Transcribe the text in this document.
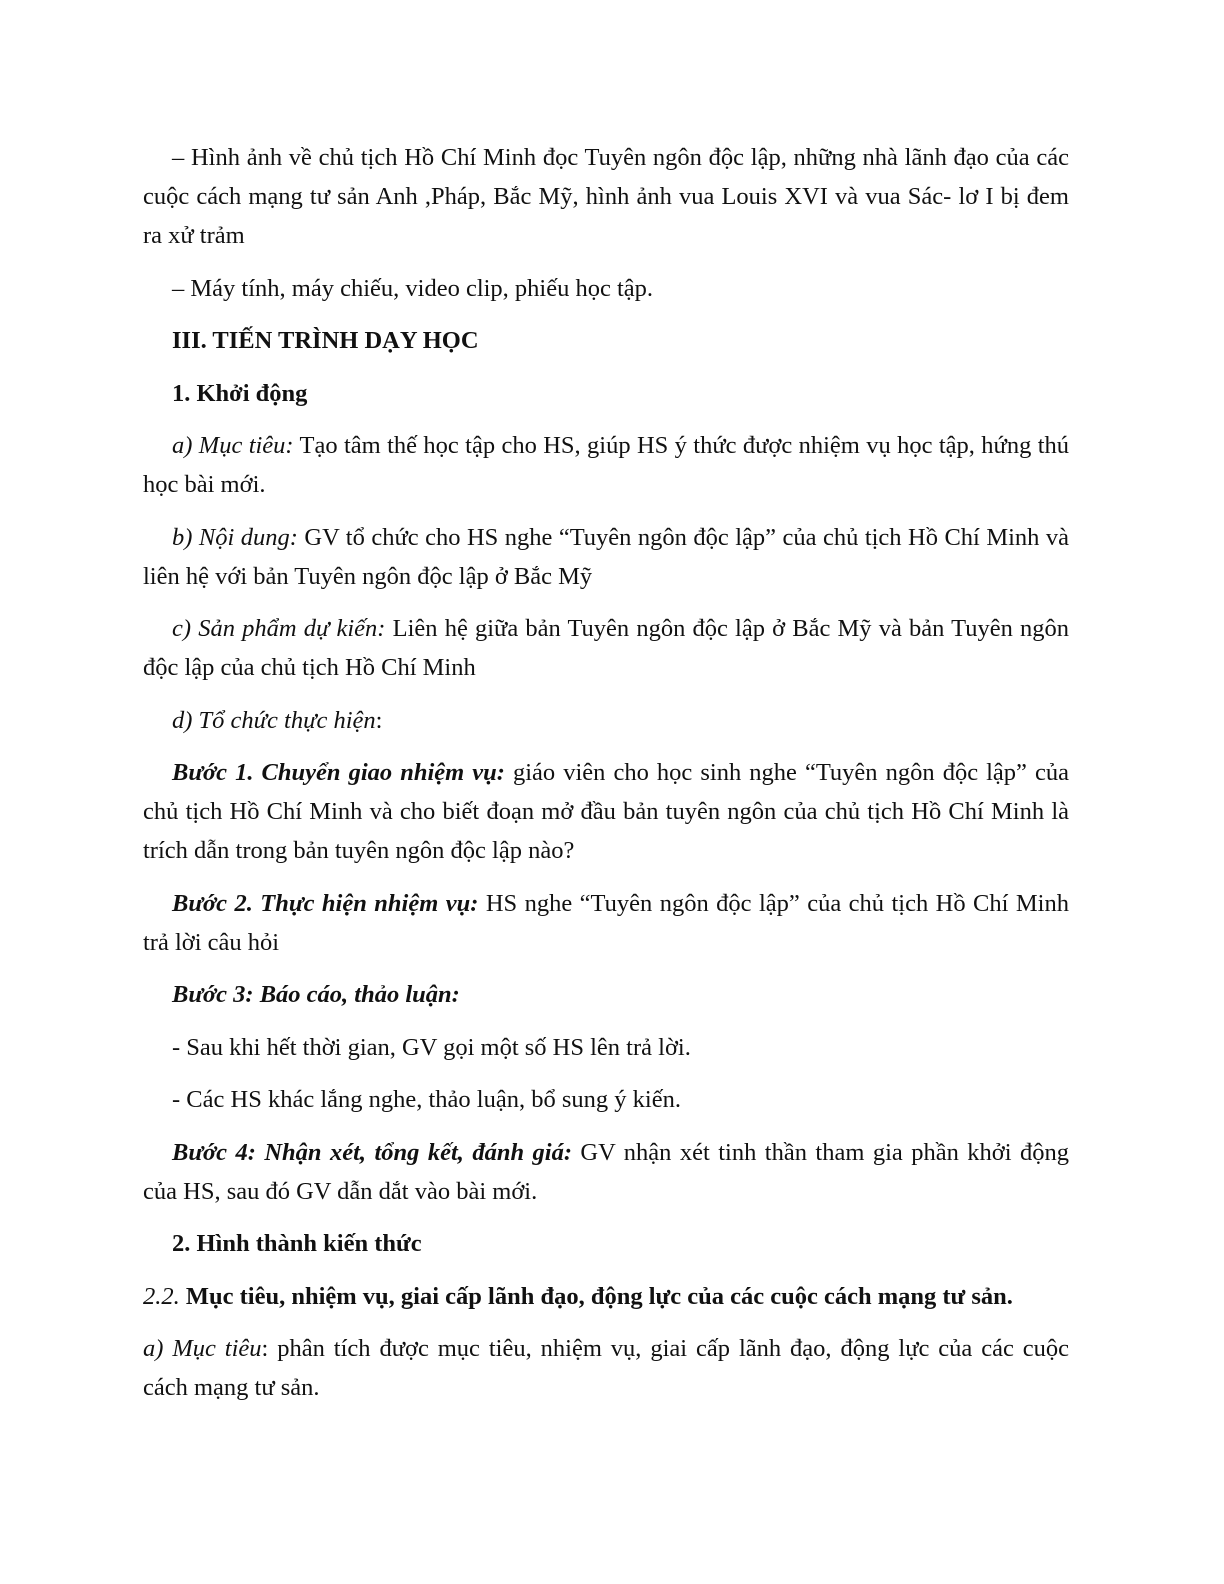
– Hình ảnh về chủ tịch Hồ Chí Minh đọc Tuyên ngôn độc lập, những nhà lãnh đạo của các cuộc cách mạng tư sản Anh ,Pháp, Bắc Mỹ, hình ảnh vua Louis XVI và vua Sác- lơ I bị đem ra xử trảm

– Máy tính, máy chiếu, video clip, phiếu học tập.

III. TIẾN TRÌNH DẠY HỌC

1. Khởi động

a) Mục tiêu: Tạo tâm thế học tập cho HS, giúp HS ý thức được nhiệm vụ học tập, hứng thú học bài mới.

b) Nội dung: GV tổ chức cho HS nghe “Tuyên ngôn độc lập” của chủ tịch Hồ Chí Minh và liên hệ với bản Tuyên ngôn độc lập ở Bắc Mỹ

c) Sản phẩm dự kiến: Liên hệ giữa bản Tuyên ngôn độc lập ở Bắc Mỹ và bản Tuyên ngôn độc lập của chủ tịch Hồ Chí Minh

d) Tổ chức thực hiện:

Bước 1. Chuyển giao nhiệm vụ: giáo viên cho học sinh nghe “Tuyên ngôn độc lập” của chủ tịch Hồ Chí Minh và cho biết đoạn mở đầu bản tuyên ngôn của chủ tịch Hồ Chí Minh là trích dẫn trong bản tuyên ngôn độc lập nào?

Bước 2. Thực hiện nhiệm vụ: HS nghe “Tuyên ngôn độc lập” của chủ tịch Hồ Chí Minh trả lời câu hỏi

Bước 3: Báo cáo, thảo luận:

- Sau khi hết thời gian, GV gọi một số HS lên trả lời.

- Các HS khác lắng nghe, thảo luận, bổ sung ý kiến.

Bước 4: Nhận xét, tổng kết, đánh giá: GV nhận xét tinh thần tham gia phần khởi động của HS, sau đó GV dẫn dắt vào bài mới.

2. Hình thành kiến thức

2.2. Mục tiêu, nhiệm vụ, giai cấp lãnh đạo, động lực của các cuộc cách mạng tư sản.

a) Mục tiêu: phân tích được mục tiêu, nhiệm vụ, giai cấp lãnh đạo, động lực của các cuộc cách mạng tư sản.
